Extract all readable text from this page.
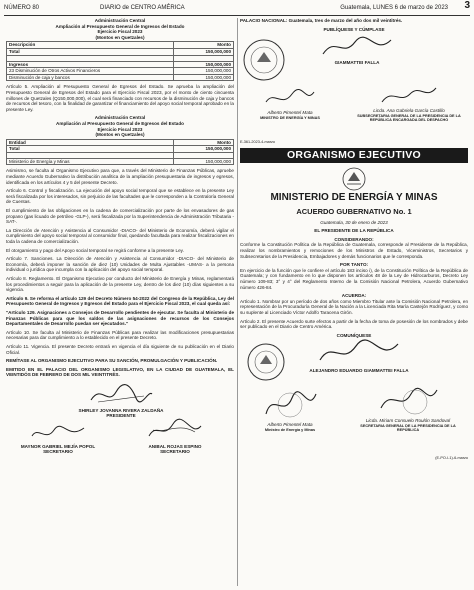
NÚMERO 80	DIARIO de CENTRO AMÉRICA	Guatemala, LUNES 6 de marzo de 2023 3
Administración Central
Ampliación al Presupuesto General de Ingresos del Estado
Ejercicio Fiscal 2023
(Montos en Quetzales)
Descripción	Monto
Total	150,000,000

Ingresos	150,000,000
23 Disminución de Otros Activos Financieros	150,000,000
Disminución de caja y bancos	150,000,000

Artículo 5. Ampliación al Presupuesto General de Egresos del Estado. Se aprueba la ampliación del Presupuesto General de Egresos del Estado para el Ejercicio Fiscal 2023, por el monto de ciento cincuenta millones de Quetzales (Q150,000,000), el cual será financiado con recursos de la disminución de caja y bancos de recursos del tesoro, con la finalidad de garantizar el financiamiento del apoyo social temporal aprobado en la presente Ley.

Administración Central
Ampliación al Presupuesto General de Egresos del Estado
Ejercicio Fiscal 2023
(Montos en Quetzales)
Entidad	Monto
Total	150,000,000

Ministerio de Energía y Minas	150,000,000

Asimismo, se faculta al Organismo Ejecutivo para que, a través del Ministerio de Finanzas Públicas, apruebe mediante Acuerdo Gubernativo la distribución analítica de la ampliación presupuestaria de ingresos y egresos, identificada en los artículos 4 y 5 del presente Decreto.

Artículo 6. Control y fiscalización. La ejecución del apoyo social temporal que se establece en la presente Ley será fiscalizada por los interesados, sin perjuicio de las facultades que le corresponden a la Contraloría General de Cuentas.

El cumplimiento de las obligaciones en la cadena de comercialización por parte de los envasadores de gas propano (gas licuado de petróleo -GLP-), será fiscalizada por la Superintendencia de Administración Tributaria -SAT-.

La Dirección de Atención y Asistencia al Consumidor -DIACO- del Ministerio de Economía, deberá vigilar el cumplimiento del apoyo social temporal al consumidor final, quedando facultada para realizar fiscalizaciones en toda la cadena de comercialización.

El otorgamiento y pago del Apoyo social temporal se regirá conforme a la presente Ley.

Artículo 7. Sanciones. La Dirección de Atención y Asistencia al Consumidor -DIACO- del Ministerio de Economía, deberá imponer la sanción de diez (10) Unidades de Multa Ajustables -UMAS- a la persona individual o jurídica que incumpla con la aplicación del apoyo social temporal.

Artículo 8. Reglamento. El Organismo Ejecutivo por conducto del Ministerio de Energía y Minas, reglamentará los procedimientos a seguir para la aplicación de la presente Ley, dentro de los diez (10) días siguientes a su vigencia.

Artículo 9. Se reforma el artículo 129 del Decreto Número 54-2022 del Congreso de la República, Ley del Presupuesto General de Ingresos y Egresos del Estado para el Ejercicio Fiscal 2023, el cual queda así:

"Artículo 129. Asignaciones a Consejos de Desarrollo pendientes de ejecutar. Se faculta al Ministerio de Finanzas Públicas para que los saldos de las asignaciones de recursos de los Consejos Departamentales de Desarrollo puedan ser ejecutados."

Artículo 10. Se faculta al Ministerio de Finanzas Públicas para realizar las modificaciones presupuestarias necesarias para dar cumplimiento a lo establecido en el presente Decreto.

Artículo 11. Vigencia. El presente Decreto entrará en vigencia el día siguiente de su publicación en el Diario Oficial.

REMÍTASE AL ORGANISMO EJECUTIVO PARA SU SANCIÓN, PROMULGACIÓN Y PUBLICACIÓN.

EMITIDO EN EL PALACIO DEL ORGANISMO LEGISLATIVO, EN LA CIUDAD DE GUATEMALA, EL VEINTIDÓS DE FEBRERO DE DOS MIL VEINTITRÉS.

SHIRLEY JOVANNA RIVERA ZALDAÑA
PRESIDENTE
MAYNOR GABRIEL MEJÍA POPOL
SECRETARIO
ANIBAL ROJAS ESPINO
SECRETARIO

PALACIO NACIONAL: Guatemala, tres de marzo del año dos mil veintitrés.

PUBLÍQUESE Y CÚMPLASE

GIAMMATTEI FALLA
Alberto Pimentel Mata
MINISTRO DE ENERGÍA Y MINAS
Licda. Ana Gabriela García Castillo
SUBSECRETARIA GENERAL DE LA PRESIDENCIA DE LA REPÚBLICA ENCARGADA DEL DESPACHO

E-361-2023-4-marzo

ORGANISMO EJECUTIVO
MINISTERIO DE ENERGÍA Y MINAS
ACUERDO GUBERNATIVO No. 1

Guatemala, 30 de enero de 2023

EL PRESIDENTE DE LA REPÚBLICA

CONSIDERANDO:

Conforme la Constitución Política de la República de Guatemala, corresponde al Presidente de la República, realizar los nombramientos y remociones de los Ministros de Estado, Viceministros, Secretarios y Subsecretarios de la Presidencia, Embajadores y demás funcionarios que le corresponda.

POR TANTO:

En ejercicio de la función que le confiere el artículo 183 inciso i), de la Constitución Política de la República de Guatemala; y con fundamento en lo que disponen los artículos 48 de la Ley de Hidrocarburos, Decreto Ley número 109-83; 3° y 4° del Reglamento Interno de la Comisión Nacional Petrolera, Acuerdo Gubernativo número 426-84.

ACUERDA:

Artículo 1. Nombrar por un período de dos años como Miembro Titular ante la Comisión Nacional Petrolera, en representación de la Procuraduría General de la Nación a la Licenciada Rita María Castejón Rodríguez, y como su suplente al Licenciado Víctor Adolfo Taracena Girón.

Artículo 2. El presente Acuerdo surte efectos a partir de la fecha de toma de posesión de los nombrados y debe ser publicado en el Diario de Centro América.

COMUNÍQUESE

ALEJANDRO EDUARDO GIAMMATTEI FALLA
Alberto Pimentel Mata
Ministro de Energía y Minas
Licda. Miriam Consuelo Roulón Sandoval
SECRETARIA GENERAL DE LA PRESIDENCIA DE LA REPÚBLICA

(E-PO-I-1)-6-marzo
